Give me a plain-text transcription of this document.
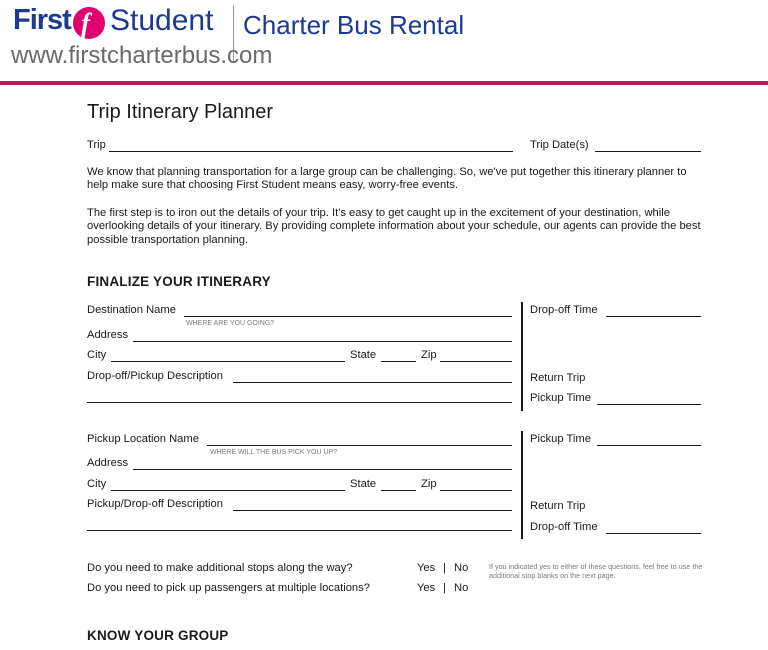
First f Student Charter Bus Rental
www.firstcharterbus.com
Trip Itinerary Planner
Trip	Trip Date(s)
We know that planning transportation for a large group can be challenging. So, we've put together this itinerary planner to help make sure that choosing First Student means easy, worry-free events.
The first step is to iron out the details of your trip. It's easy to get caught up in the excitement of your destination, while overlooking details of your itinerary. By providing complete information about your schedule, our agents can provide the best possible transportation planning.
FINALIZE YOUR ITINERARY
Destination Name
WHERE ARE YOU GOING?
Address
City	State	Zip
Drop-off/Pickup Description
Drop-off Time
Return Trip
Pickup Time
Pickup Location Name
WHERE WILL THE BUS PICK YOU UP?
Address
City	State	Zip
Pickup/Drop-off Description
Pickup Time
Return Trip
Drop-off Time
Do you need to make additional stops along the way?	Yes | No
Do you need to pick up passengers at multiple locations?	Yes | No
If you indicated yes to either of these questions, feel free to use the additional stop blanks on the next page.
KNOW YOUR GROUP
